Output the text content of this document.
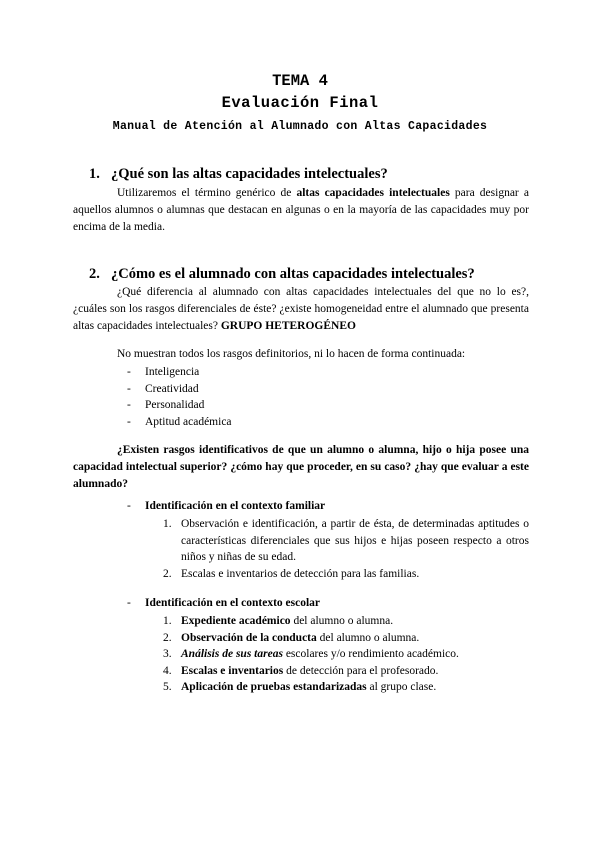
TEMA 4
Evaluación Final
Manual de Atención al Alumnado con Altas Capacidades
1. ¿Qué son las altas capacidades intelectuales?
Utilizaremos el término genérico de altas capacidades intelectuales para designar a aquellos alumnos o alumnas que destacan en algunas o en la mayoría de las capacidades muy por encima de la media.
2. ¿Cómo es el alumnado con altas capacidades intelectuales?
¿Qué diferencia al alumnado con altas capacidades intelectuales del que no lo es?, ¿cuáles son los rasgos diferenciales de éste? ¿existe homogeneidad entre el alumnado que presenta altas capacidades intelectuales? GRUPO HETEROGÉNEO
No muestran todos los rasgos definitorios, ni lo hacen de forma continuada:
- Inteligencia
- Creatividad
- Personalidad
- Aptitud académica
¿Existen rasgos identificativos de que un alumno o alumna, hijo o hija posee una capacidad intelectual superior? ¿cómo hay que proceder, en su caso? ¿hay que evaluar a este alumnado?
- Identificación en el contexto familiar
1. Observación e identificación, a partir de ésta, de determinadas aptitudes o características diferenciales que sus hijos e hijas poseen respecto a otros niños y niñas de su edad.
2. Escalas e inventarios de detección para las familias.
- Identificación en el contexto escolar
1. Expediente académico del alumno o alumna.
2. Observación de la conducta del alumno o alumna.
3. Análisis de sus tareas escolares y/o rendimiento académico.
4. Escalas e inventarios de detección para el profesorado.
5. Aplicación de pruebas estandarizadas al grupo clase.
